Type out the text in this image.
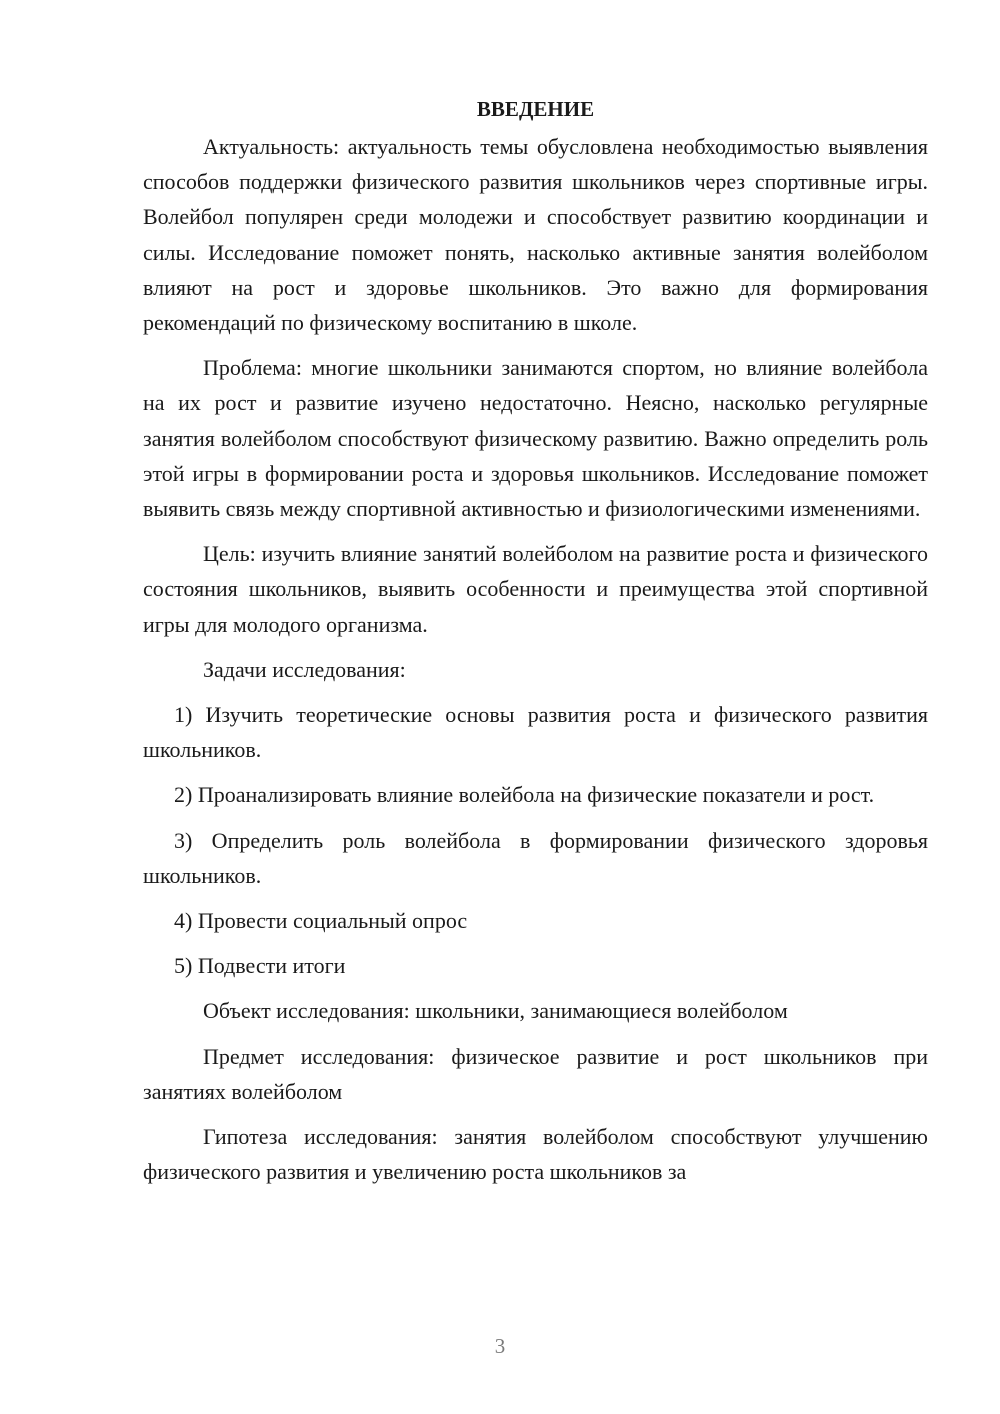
ВВЕДЕНИЕ

Актуальность: актуальность темы обусловлена необходимостью выявления способов поддержки физического развития школьников через спортивные игры. Волейбол популярен среди молодежи и способствует развитию координации и силы. Исследование поможет понять, насколько активные занятия волейболом влияют на рост и здоровье школьников. Это важно для формирования рекомендаций по физическому воспитанию в школе.

Проблема: многие школьники занимаются спортом, но влияние волейбола на их рост и развитие изучено недостаточно. Неясно, насколько регулярные занятия волейболом способствуют физическому развитию. Важно определить роль этой игры в формировании роста и здоровья школьников. Исследование поможет выявить связь между спортивной активностью и физиологическими изменениями.

Цель: изучить влияние занятий волейболом на развитие роста и физического состояния школьников, выявить особенности и преимущества этой спортивной игры для молодого организма.

Задачи исследования:

1) Изучить теоретические основы развития роста и физического развития школьников.

2) Проанализировать влияние волейбола на физические показатели и рост.

3) Определить роль волейбола в формировании физического здоровья школьников.

4) Провести социальный опрос

5) Подвести итоги

Объект исследования: школьники, занимающиеся волейболом

Предмет исследования: физическое развитие и рост школьников при занятиях волейболом

Гипотеза исследования: занятия волейболом способствуют улучшению физического развития и увеличению роста школьников за

3
